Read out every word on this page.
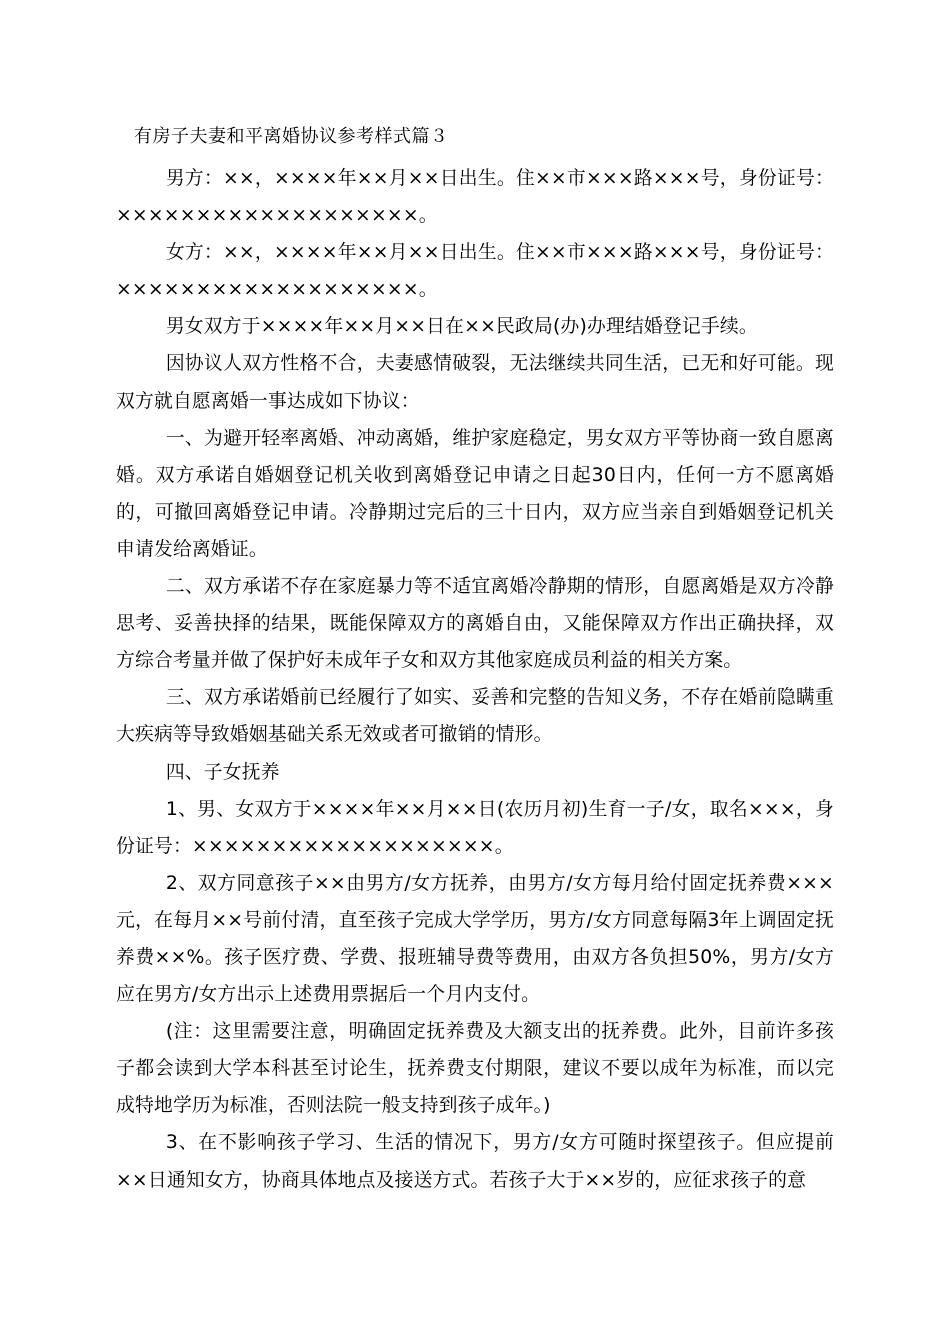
有房子夫妻和平离婚协议参考样式篇３

男方：××，××××年××月××日出生。住××市×××路×××号，身份证号：×××××××××××××××××××。

女方：××，××××年××月××日出生。住××市×××路×××号，身份证号：×××××××××××××××××××。

男女双方于××××年××月××日在××民政局(办)办理结婚登记手续。

因协议人双方性格不合，夫妻感情破裂，无法继续共同生活，已无和好可能。现双方就自愿离婚一事达成如下协议：

一、为避开轻率离婚、冲动离婚，维护家庭稳定，男女双方平等协商一致自愿离婚。双方承诺自婚姻登记机关收到离婚登记申请之日起30日内，任何一方不愿离婚的，可撤回离婚登记申请。冷静期过完后的三十日内，双方应当亲自到婚姻登记机关申请发给离婚证。

二、双方承诺不存在家庭暴力等不适宜离婚冷静期的情形，自愿离婚是双方冷静思考、妥善抉择的结果，既能保障双方的离婚自由，又能保障双方作出正确抉择，双方综合考量并做了保护好未成年子女和双方其他家庭成员利益的相关方案。

三、双方承诺婚前已经履行了如实、妥善和完整的告知义务，不存在婚前隐瞒重大疾病等导致婚姻基础关系无效或者可撤销的情形。

四、子女抚养

1、男、女双方于××××年××月××日(农历月初)生育一子/女，取名×××，身份证号：×××××××××××××××××××。

2、双方同意孩子××由男方/女方抚养，由男方/女方每月给付固定抚养费×××元，在每月××号前付清，直至孩子完成大学学历，男方/女方同意每隔3年上调固定抚养费××%。孩子医疗费、学费、报班辅导费等费用，由双方各负担50%，男方/女方应在男方/女方出示上述费用票据后一个月内支付。

(注：这里需要注意，明确固定抚养费及大额支出的抚养费。此外，目前许多孩子都会读到大学本科甚至讨论生，抚养费支付期限，建议不要以成年为标准，而以完成特地学历为标准，否则法院一般支持到孩子成年。)

3、在不影响孩子学习、生活的情况下，男方/女方可随时探望孩子。但应提前××日通知女方，协商具体地点及接送方式。若孩子大于××岁的，应征求孩子的意
